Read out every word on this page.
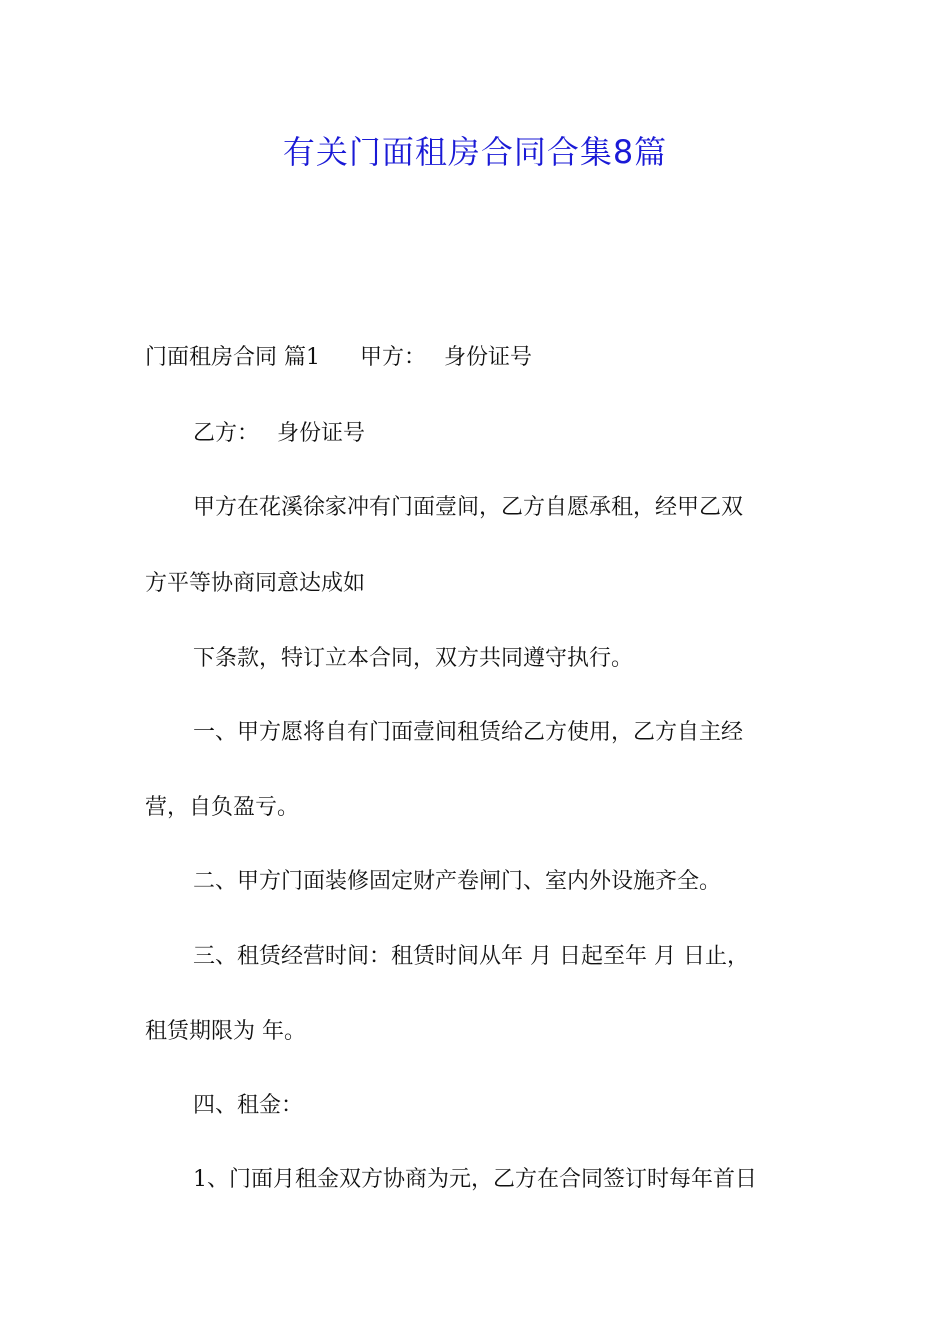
有关门面租房合同合集8篇

门面租房合同 篇1 甲方： 身份证号

乙方： 身份证号

甲方在花溪徐家冲有门面壹间，乙方自愿承租，经甲乙双

方平等协商同意达成如

下条款，特订立本合同，双方共同遵守执行。

一、甲方愿将自有门面壹间租赁给乙方使用，乙方自主经

营，自负盈亏。

二、甲方门面装修固定财产卷闸门、室内外设施齐全。

三、租赁经营时间：租赁时间从年 月 日起至年 月 日止，

租赁期限为 年。

四、租金：

1、门面月租金双方协商为元，乙方在合同签订时每年首日
